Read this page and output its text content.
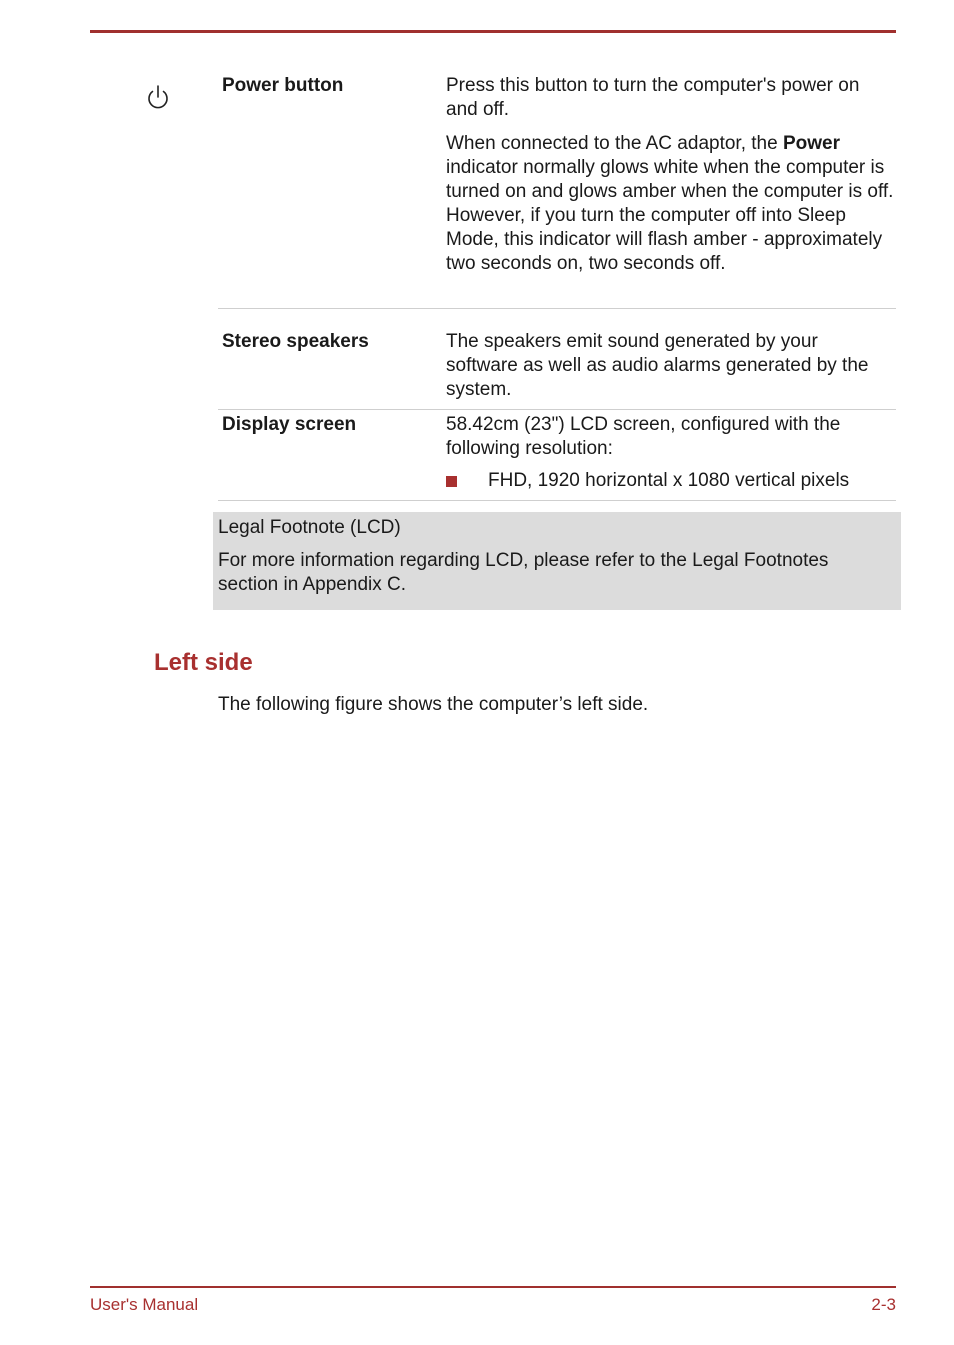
Power button	Press this button to turn the computer's power on and off.

When connected to the AC adaptor, the Power indicator normally glows white when the computer is turned on and glows amber when the computer is off. However, if you turn the computer off into Sleep Mode, this indicator will flash amber - approximately two seconds on, two seconds off.

Stereo speakers	The speakers emit sound generated by your software as well as audio alarms generated by the system.

Display screen	58.42cm (23") LCD screen, configured with the following resolution:

FHD, 1920 horizontal x 1080 vertical pixels
Legal Footnote (LCD)
For more information regarding LCD, please refer to the Legal Footnotes section in Appendix C.
Left side
The following figure shows the computer’s left side.
User's Manual	2-3
